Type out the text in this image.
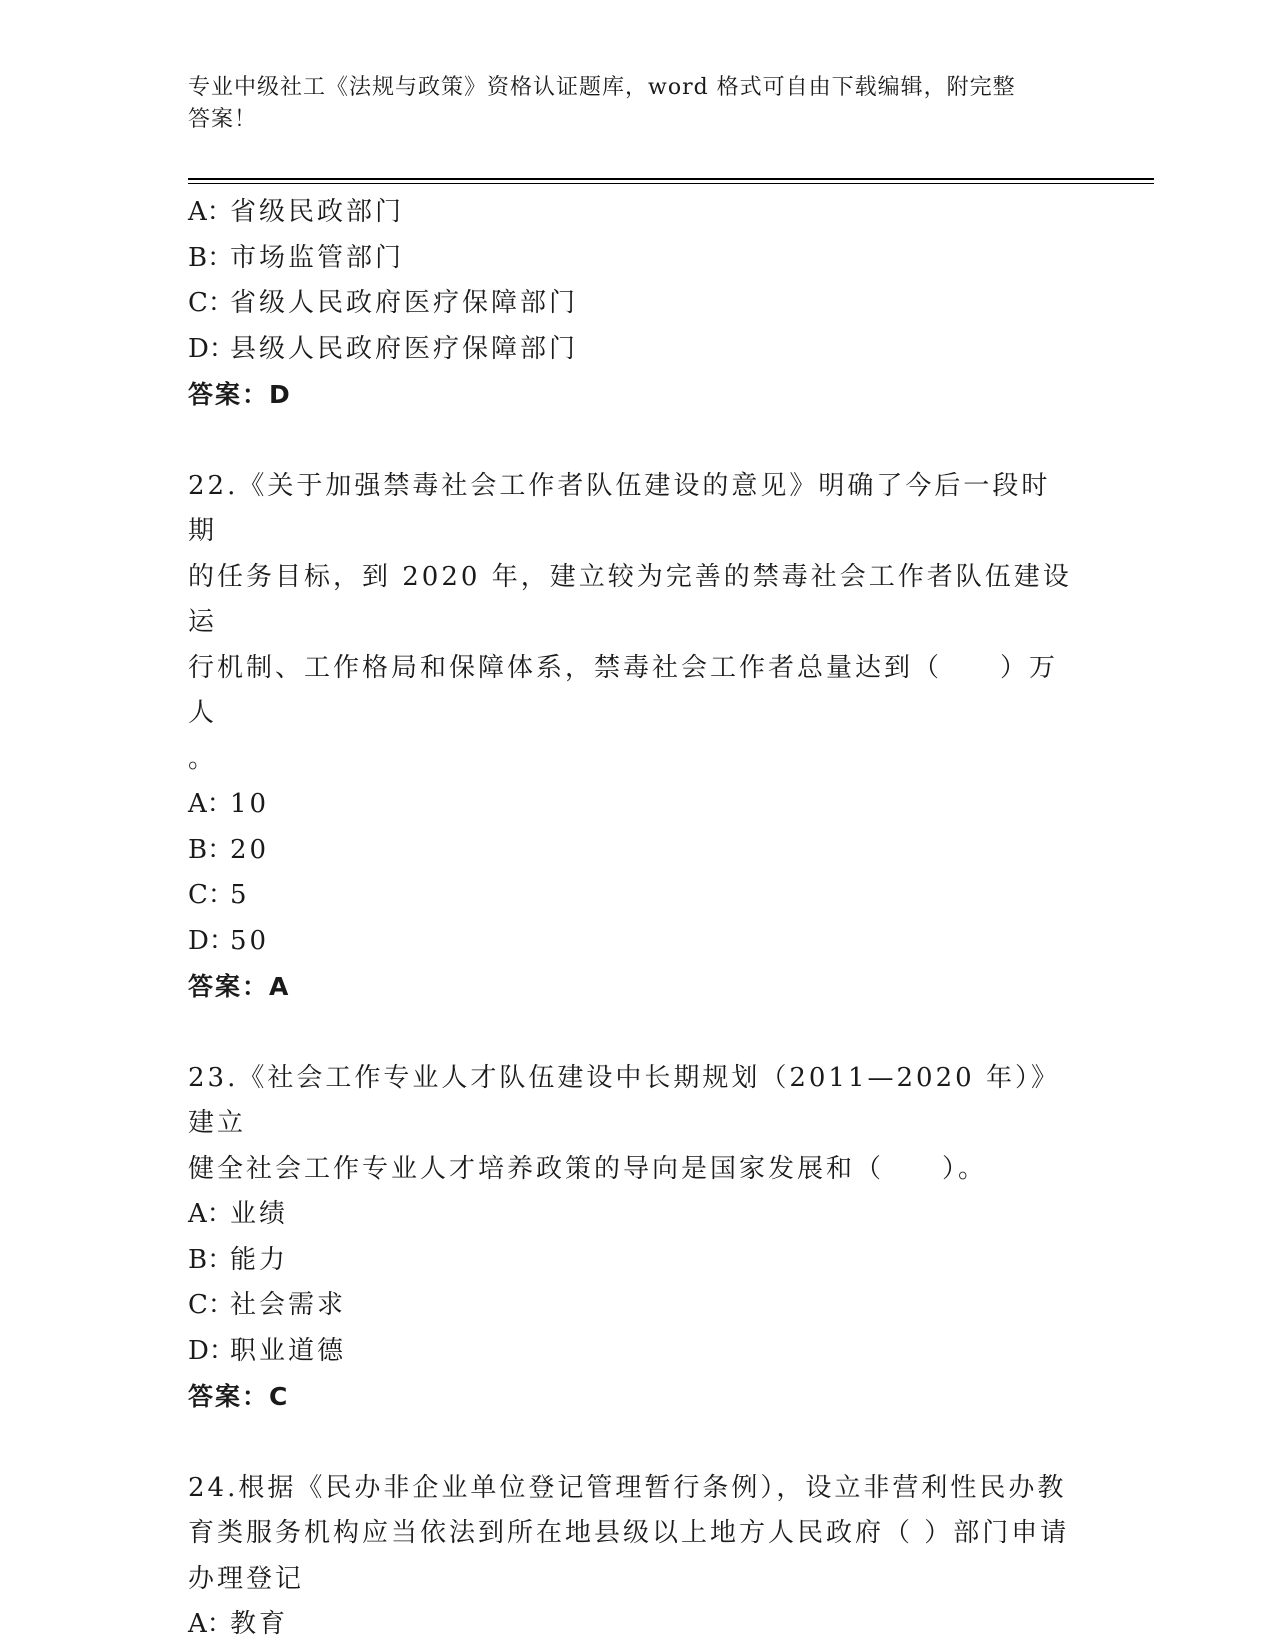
专业中级社工《法规与政策》资格认证题库，word 格式可自由下载编辑，附完整
答案！
A：省级民政部门
B：市场监管部门
C：省级人民政府医疗保障部门
D：县级人民政府医疗保障部门
答案：D
22.《关于加强禁毒社会工作者队伍建设的意见》明确了今后一段时期
的任务目标，到 2020 年，建立较为完善的禁毒社会工作者队伍建设运
行机制、工作格局和保障体系，禁毒社会工作者总量达到（　　）万人
。
A：10
B：20
C：5
D：50
答案：A
23.《社会工作专业人才队伍建设中长期规划（2011—2020 年）》建立
健全社会工作专业人才培养政策的导向是国家发展和（　　）。
A：业绩
B：能力
C：社会需求
D：职业道德
答案：C
24.根据《民办非企业单位登记管理暂行条例），设立非营利性民办教
育类服务机构应当依法到所在地县级以上地方人民政府（ ）部门申请
办理登记
A：教育
